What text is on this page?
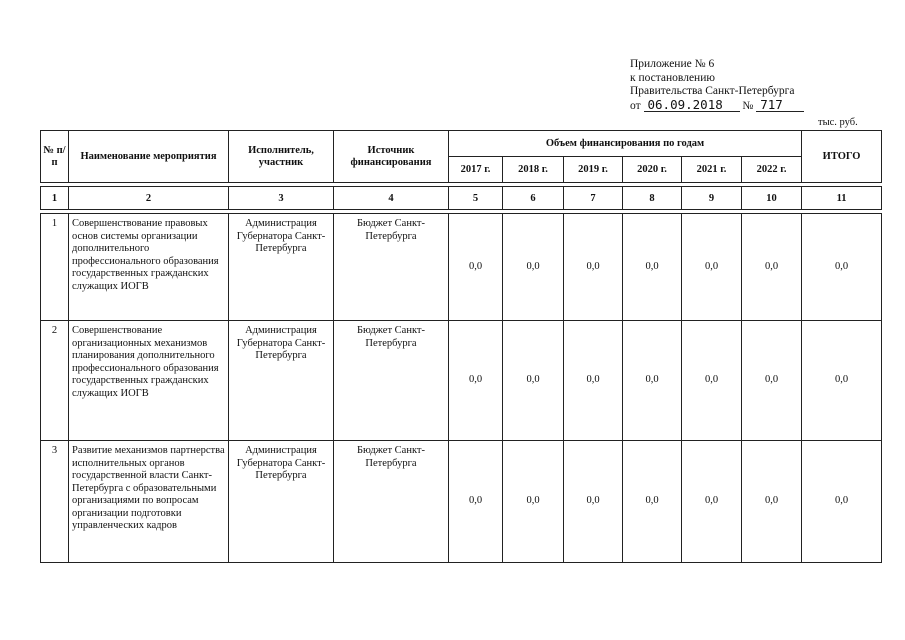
Приложение № 6
к постановлению
Правительства Санкт-Петербурга
от 06.09.2018 № 717
тыс. руб.
№ п/п	Наименование мероприятия	Исполнитель, участник	Источник финансирования	Объем финансирования по годам						ИТОГО
				2017 г.	2018 г.	2019 г.	2020 г.	2021 г.	2022 г.	

1	2	3	4	5	6	7	8	9	10	11

1	Совершенствование правовых основ системы организации дополнительного профессионального образования государственных гражданских служащих ИОГВ	Администрация Губернатора Санкт-Петербурга	Бюджет Санкт-Петербурга	0,0	0,0	0,0	0,0	0,0	0,0	0,0
2	Совершенствование организационных механизмов планирования дополнительного профессионального образования государственных гражданских служащих ИОГВ	Администрация Губернатора Санкт-Петербурга	Бюджет Санкт-Петербурга	0,0	0,0	0,0	0,0	0,0	0,0	0,0
3	Развитие механизмов партнерства исполнительных органов государственной власти Санкт-Петербурга с образовательными организациями по вопросам организации подготовки управленческих кадров	Администрация Губернатора Санкт-Петербурга	Бюджет Санкт-Петербурга	0,0	0,0	0,0	0,0	0,0	0,0	0,0
